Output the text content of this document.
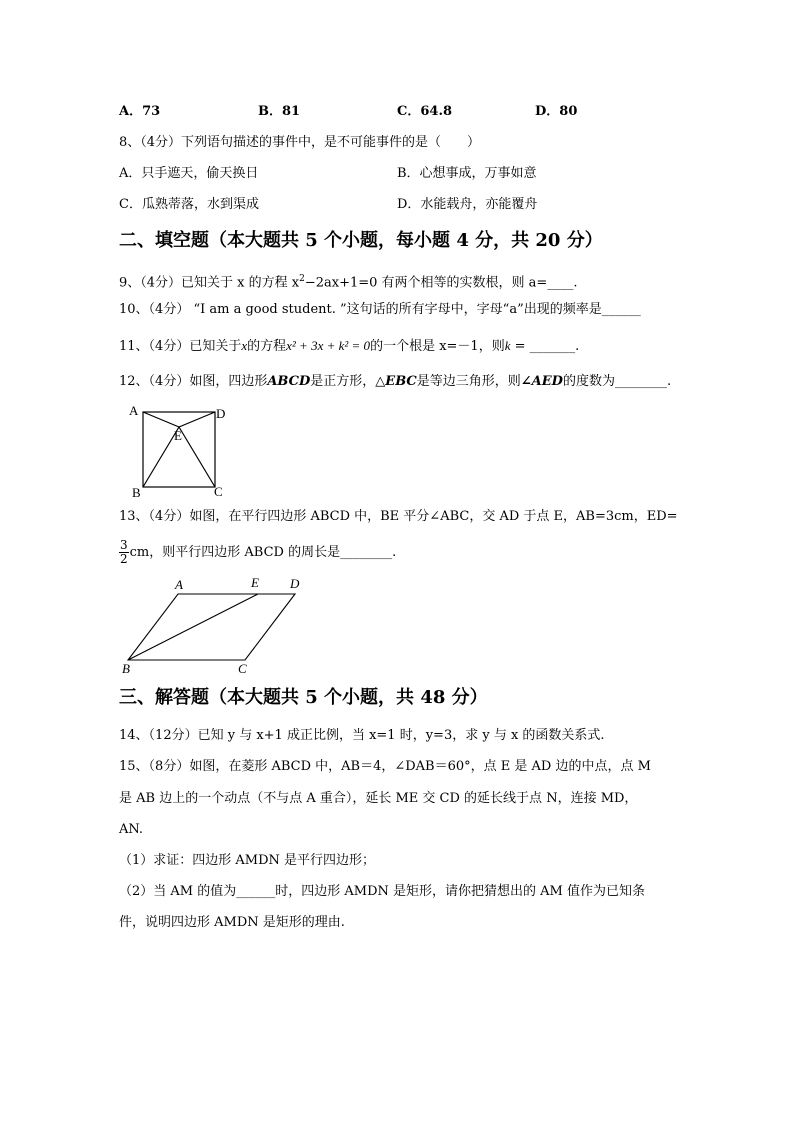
A．73	B．81	C．64.8	D．80
8、（4分）下列语句描述的事件中，是不可能事件的是（　　）
A．只手遮天，偷天换日	B．心想事成，万事如意
C．瓜熟蒂落，水到渠成	D．水能载舟，亦能覆舟
二、填空题（本大题共 5 个小题，每小题 4 分，共 20 分）
9、（4分）已知关于 x 的方程 $x^2-2ax+1=0$ 有两个相等的实数根，则 a=____.
10、（4分） “I am a good student. ”这句话的所有字母中，字母“a”出现的频率是______
11、（4分）已知关于x的方程x² + 3x + k² = 0的一个根是 x=－1，则k = _______.
12、（4分）如图，四边形ABCD是正方形，△EBC是等边三角形，则∠AED的度数为________.
A	D
E
B	C
13、（4分）如图，在平行四边形 ABCD 中，BE 平分∠ABC，交 AD 于点 E，AB=3cm，ED=
$\frac{3}{2}$ cm，则平行四边形 ABCD 的周长是________.
A	E D
B	C
三、解答题（本大题共 5 个小题，共 48 分）
14、（12分）已知 y 与 x+1 成正比例，当 x=1 时，y=3，求 y 与 x 的函数关系式.
15、（8分）如图，在菱形 ABCD 中，AB＝4，∠DAB＝60°，点 E 是 AD 边的中点，点 M
是 AB 边上的一个动点（不与点 A 重合），延长 ME 交 CD 的延长线于点 N，连接 MD，
AN.
（1）求证：四边形 AMDN 是平行四边形；
（2）当 AM 的值为______时，四边形 AMDN 是矩形，请你把猜想出的 AM 值作为已知条
件，说明四边形 AMDN 是矩形的理由.
